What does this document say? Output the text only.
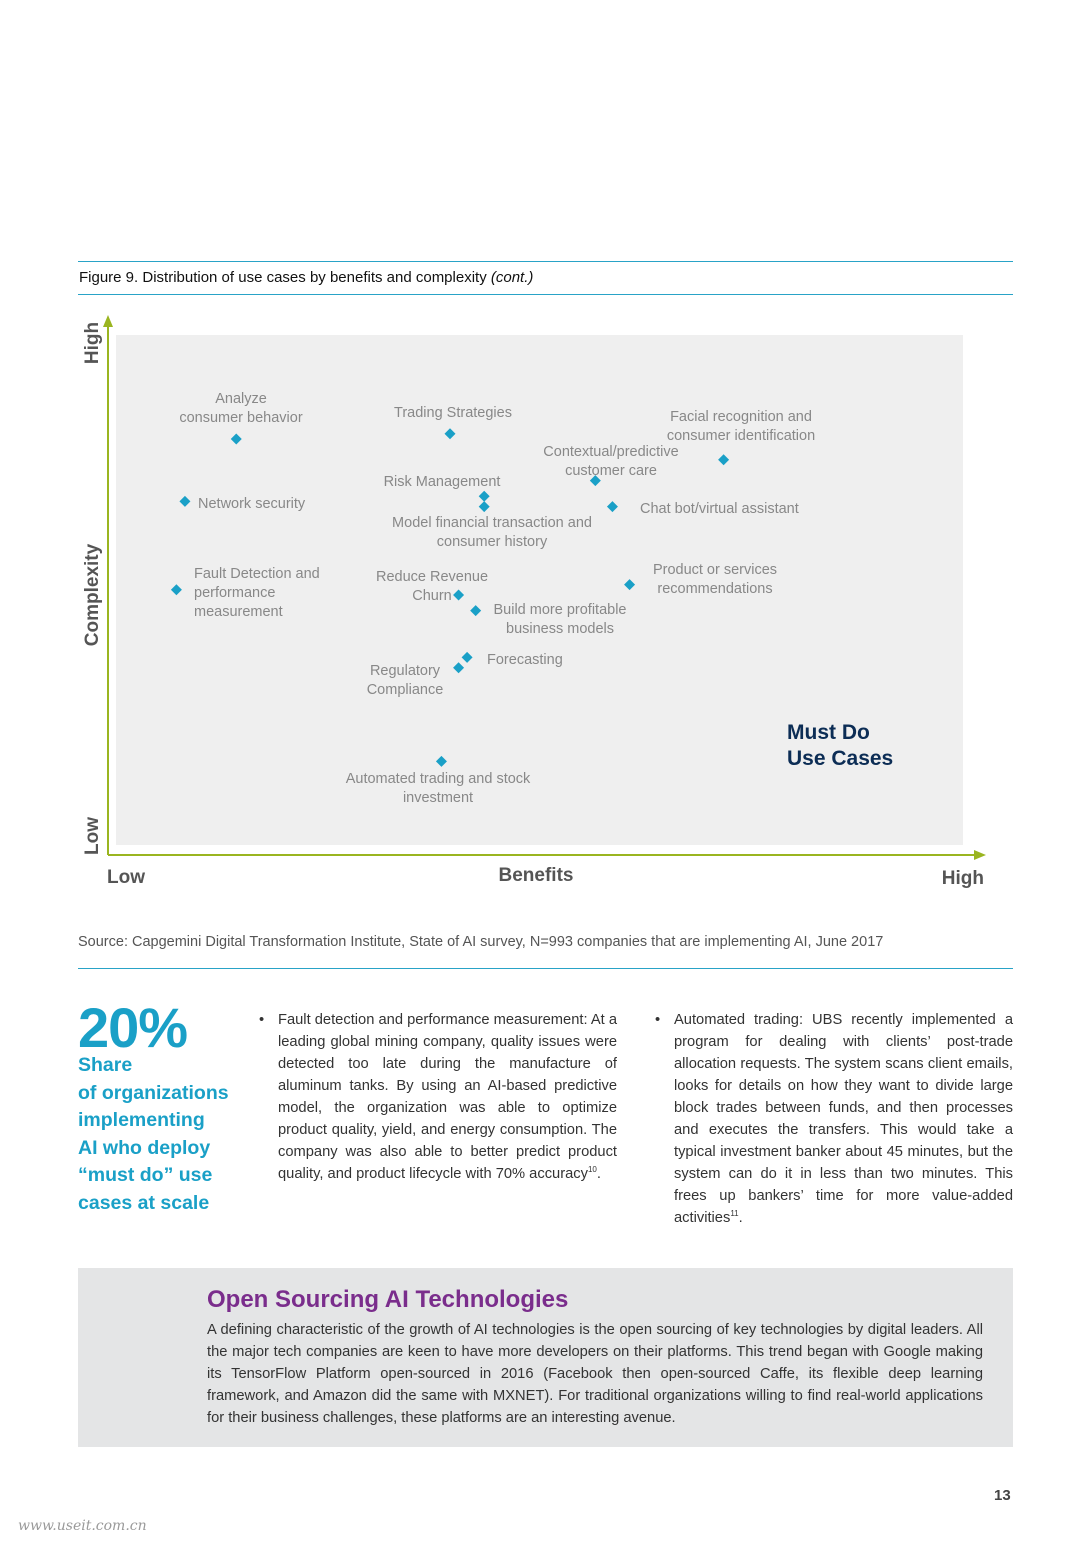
Figure 9. Distribution of use cases by benefits and complexity (cont.)
Low	Benefits	High
Low
Complexity
High
Must Do
Use Cases
Analyze
consumer behavior	Trading Strategies	Facial recognition and
consumer identification
Contextual/predictive
customer care
Risk Management
Model financial transaction and
consumer history
Chat bot/virtual assistant
Network security
Fault Detection and
performance
measurement
Reduce Revenue
Churn
Product or services
recommendations
Build more profitable
business models
Forecasting
Regulatory
Compliance
Automated trading and stock
investment
Source: Capgemini Digital Transformation Institute, State of AI survey, N=993 companies that are implementing AI, June 2017
20%
Share
of organizations
implementing
AI who deploy
“must do” use
cases at scale
• Fault detection and performance measurement: At a leading global mining company, quality issues were detected too late during the manufacture of aluminum tanks. By using an AI-based predictive model, the organization was able to optimize product quality, yield, and energy consumption. The company was also able to better predict product quality, and product lifecycle with 70% accuracy$^{10}$.
• Automated trading: UBS recently implemented a program for dealing with clients’ post-trade allocation requests. The system scans client emails, looks for details on how they want to divide large block trades between funds, and then processes and executes the transfers. This would take a typical investment banker about 45 minutes, but the system can do it in less than two minutes. This frees up bankers’ time for more value-added activities$^{11}$.
Open Sourcing AI Technologies
A defining characteristic of the growth of AI technologies is the open sourcing of key technologies by digital leaders. All the major tech companies are keen to have more developers on their platforms. This trend began with Google making its TensorFlow Platform open-sourced in 2016 (Facebook then open-sourced Caffe, its flexible deep learning framework, and Amazon did the same with MXNET). For traditional organizations willing to find real-world applications for their business challenges, these platforms are an interesting avenue.
13
www.useit.com.cn
